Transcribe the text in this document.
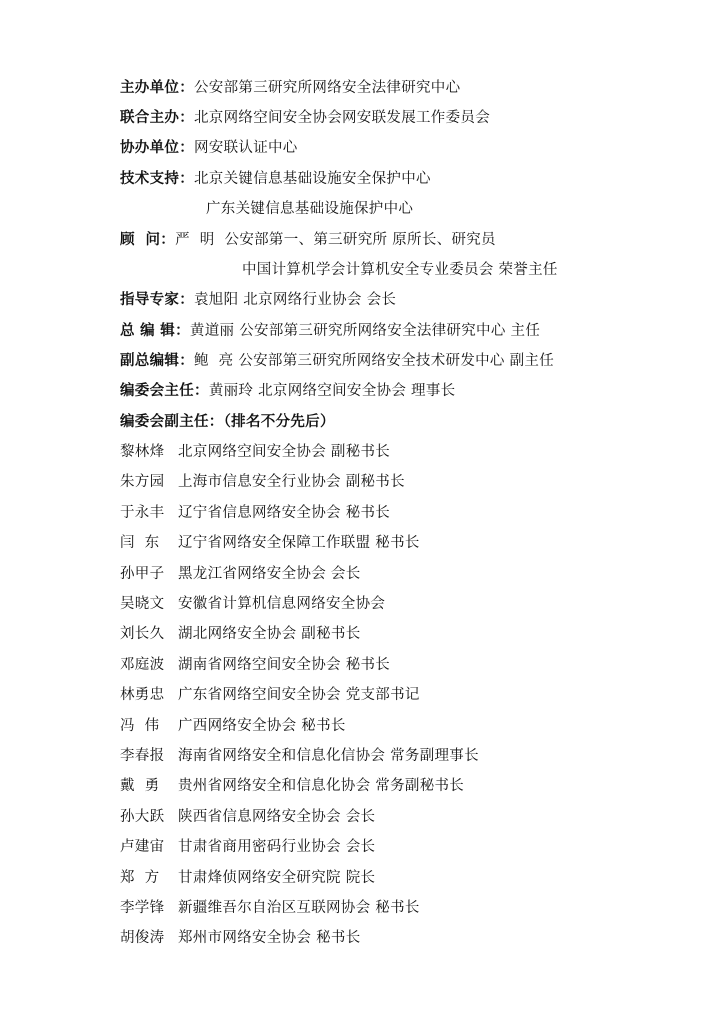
主办单位：公安部第三研究所网络安全法律研究中心
联合主办：北京网络空间安全协会网安联发展工作委员会
协办单位：网安联认证中心
技术支持：北京关键信息基础设施安全保护中心
广东关键信息基础设施保护中心
顾  问：严  明 公安部第一、第三研究所 原所长、研究员
中国计算机学会计算机安全专业委员会 荣誉主任
指导专家：袁旭阳 北京网络行业协会 会长
总 编 辑：黄道丽 公安部第三研究所网络安全法律研究中心 主任
副总编辑：鲍  亮 公安部第三研究所网络安全技术研发中心 副主任
编委会主任：黄丽玲 北京网络空间安全协会 理事长
编委会副主任：（排名不分先后）
黎林烽 北京网络空间安全协会 副秘书长
朱方园 上海市信息安全行业协会 副秘书长
于永丰 辽宁省信息网络安全协会 秘书长
闫  东 辽宁省网络安全保障工作联盟 秘书长
孙甲子 黑龙江省网络安全协会 会长
吴晓文 安徽省计算机信息网络安全协会
刘长久 湖北网络安全协会 副秘书长
邓庭波 湖南省网络空间安全协会 秘书长
林勇忠 广东省网络空间安全协会 党支部书记
冯  伟 广西网络安全协会 秘书长
李春报 海南省网络安全和信息化信协会 常务副理事长
戴  勇 贵州省网络安全和信息化协会 常务副秘书长
孙大跃 陕西省信息网络安全协会 会长
卢建宙 甘肃省商用密码行业协会 会长
郑  方 甘肃烽侦网络安全研究院 院长
李学锋 新疆维吾尔自治区互联网协会 秘书长
胡俊涛 郑州市网络安全协会 秘书长
